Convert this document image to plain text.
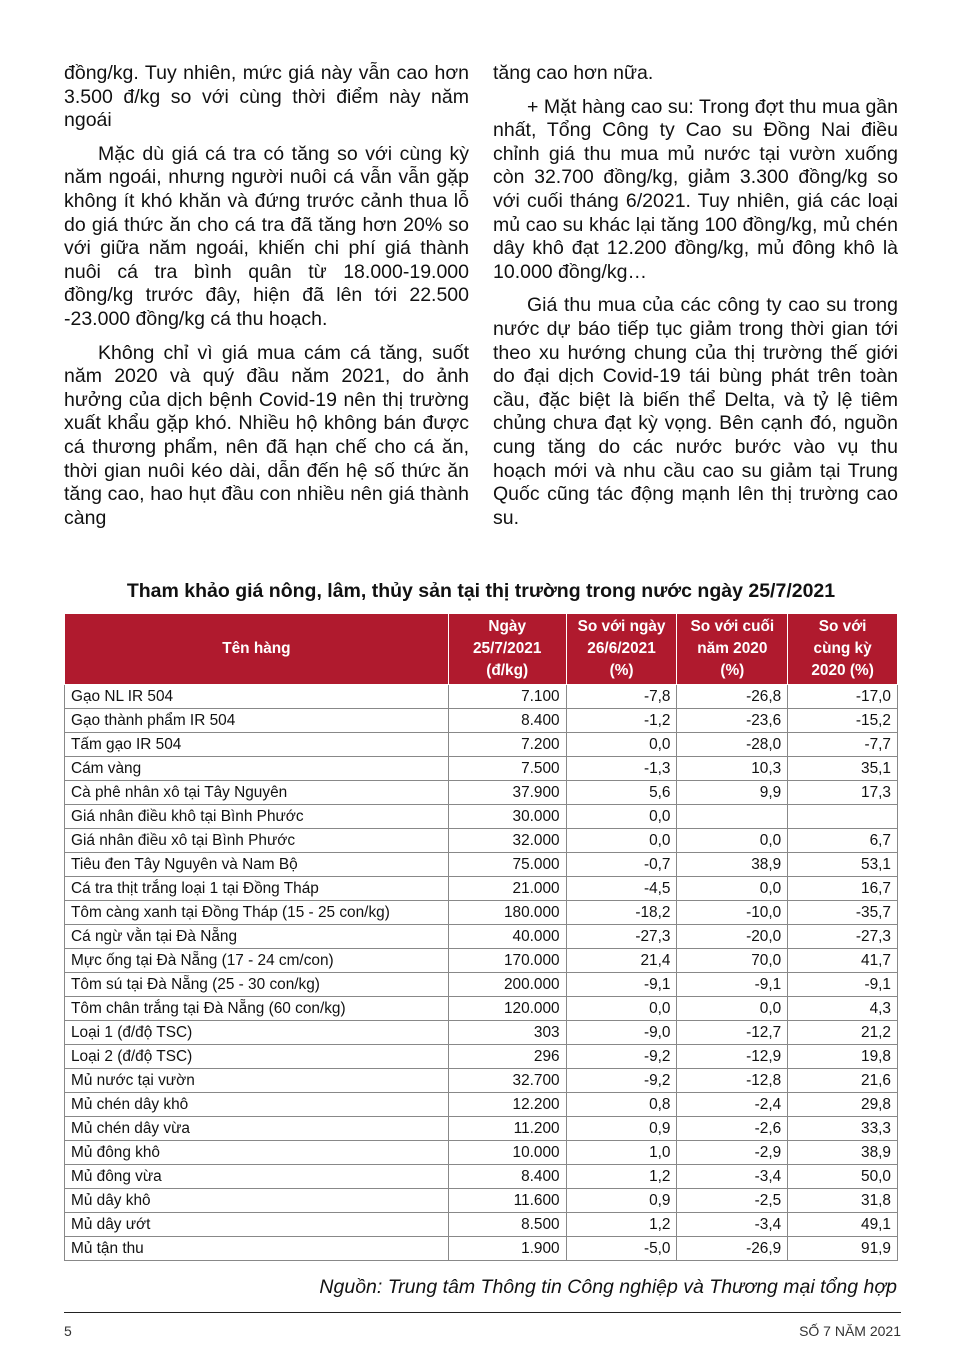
đồng/kg. Tuy nhiên, mức giá này vẫn cao hơn 3.500 đ/kg so với cùng thời điểm này năm ngoái

Mặc dù giá cá tra có tăng so với cùng kỳ năm ngoái, nhưng người nuôi cá vẫn vẫn gặp không ít khó khăn và đứng trước cảnh thua lỗ do giá thức ăn cho cá tra đã tăng hơn 20% so với giữa năm ngoái, khiến chi phí giá thành nuôi cá tra bình quân từ 18.000-19.000 đồng/kg trước đây, hiện đã lên tới 22.500 -23.000 đồng/kg cá thu hoạch.

Không chỉ vì giá mua cám cá tăng, suốt năm 2020 và quý đầu năm 2021, do ảnh hưởng của dịch bệnh Covid-19 nên thị trường xuất khẩu gặp khó. Nhiều hộ không bán được cá thương phẩm, nên đã hạn chế cho cá ăn, thời gian nuôi kéo dài, dẫn đến hệ số thức ăn tăng cao, hao hụt đầu con nhiều nên giá thành càng

tăng cao hơn nữa.

+ Mặt hàng cao su: Trong đợt thu mua gần nhất, Tổng Công ty Cao su Đồng Nai điều chỉnh giá thu mua mủ nước tại vườn xuống còn 32.700 đồng/kg, giảm 3.300 đồng/kg so với cuối tháng 6/2021. Tuy nhiên, giá các loại mủ cao su khác lại tăng 100 đồng/kg, mủ chén dây khô đạt 12.200 đồng/kg, mủ đông khô là 10.000 đồng/kg…

Giá thu mua của các công ty cao su trong nước dự báo tiếp tục giảm trong thời gian tới theo xu hướng chung của thị trường thế giới do đại dịch Covid-19 tái bùng phát trên toàn cầu, đặc biệt là biến thể Delta, và tỷ lệ tiêm chủng chưa đạt kỳ vọng. Bên cạnh đó, nguồn cung tăng do các nước bước vào vụ thu hoạch mới và nhu cầu cao su giảm tại Trung Quốc cũng tác động mạnh lên thị trường cao su.

Tham khảo giá nông, lâm, thủy sản tại thị trường trong nước ngày 25/7/2021
Tên hàng	Ngày
25/7/2021
(đ/kg)	So với ngày
26/6/2021
(%)	So với cuối
năm 2020
(%)	So với
cùng kỳ
2020 (%)
Gạo NL IR 504	7.100	-7,8	-26,8	-17,0
Gạo thành phẩm IR 504	8.400	-1,2	-23,6	-15,2
Tấm gạo IR 504	7.200	0,0	-28,0	-7,7
Cám vàng	7.500	-1,3	10,3	35,1
Cà phê nhân xô tại Tây Nguyên	37.900	5,6	9,9	17,3
Giá nhân điều khô tại Bình Phước	30.000	0,0		
Giá nhân điều xô tại Bình Phước	32.000	0,0	0,0	6,7
Tiêu đen Tây Nguyên và Nam Bộ	75.000	-0,7	38,9	53,1
Cá tra thịt trắng loại 1 tại Đồng Tháp	21.000	-4,5	0,0	16,7
Tôm càng xanh tại Đồng Tháp (15 - 25 con/kg)	180.000	-18,2	-10,0	-35,7
Cá ngừ vằn tại Đà Nẵng	40.000	-27,3	-20,0	-27,3
Mực ống tại Đà Nẵng (17 - 24 cm/con)	170.000	21,4	70,0	41,7
Tôm sú tại Đà Nẵng (25 - 30 con/kg)	200.000	-9,1	-9,1	-9,1
Tôm chân trắng tại Đà Nẵng (60 con/kg)	120.000	0,0	0,0	4,3
Loại 1 (đ/độ TSC)	303	-9,0	-12,7	21,2
Loại 2 (đ/độ TSC)	296	-9,2	-12,9	19,8
Mủ nước tại vườn	32.700	-9,2	-12,8	21,6
Mủ chén dây khô	12.200	0,8	-2,4	29,8
Mủ chén dây vừa	11.200	0,9	-2,6	33,3
Mủ đông khô	10.000	1,0	-2,9	38,9
Mủ đông vừa	8.400	1,2	-3,4	50,0
Mủ dây khô	11.600	0,9	-2,5	31,8
Mủ dây ướt	8.500	1,2	-3,4	49,1
Mủ tận thu	1.900	-5,0	-26,9	91,9
Nguồn: Trung tâm Thông tin Công nghiệp và Thương mại tổng hợp
5	SỐ 7 NĂM 2021
